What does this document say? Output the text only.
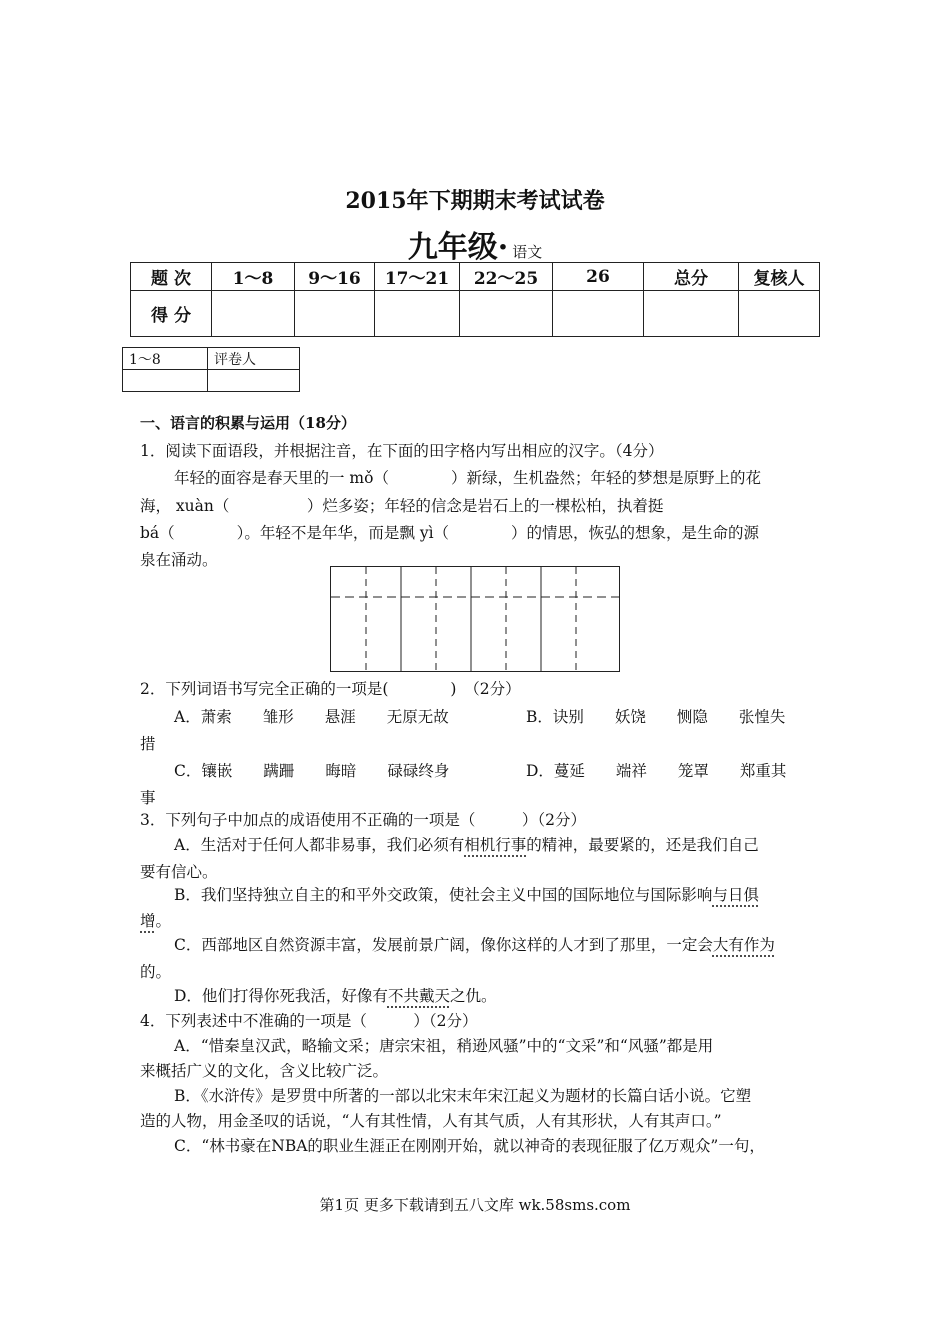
2015年下期期末考试试卷
九年级· 语文
题 次	1～8	9～16	17～21	22～25	26	总分	复核人
得 分							
1～8	评卷人

一、语言的积累与运用（18分）
1．阅读下面语段，并根据注音，在下面的田字格内写出相应的汉字。（4分）
年轻的面容是春天里的一 mǒ（　　　　）新绿，生机盎然；年轻的梦想是原野上的花
海， xuàn（　　　　　）烂多姿；年轻的信念是岩石上的一棵松柏，执着挺
bá（　　　　）。年轻不是年华，而是飘 yì（　　　　）的情思，恢弘的想象，是生命的源
泉在涌动。
2．下列词语书写完全正确的一项是(　　　　)　（2分）
A．萧索　　雏形　　悬涯　　无原无故	B．诀别　　妖饶　　恻隐　　张惶失
措
C．镶嵌　　蹒跚　　晦暗　　碌碌终身	D．蔓延　　端祥　　笼罩　　郑重其
事
3．下列句子中加点的成语使用不正确的一项是（　　　）（2分）
A．生活对于任何人都非易事，我们必须有相机行事的精神，最要紧的，还是我们自己
要有信心。
B．我们坚持独立自主的和平外交政策，使社会主义中国的国际地位与国际影响与日俱
增。
C．西部地区自然资源丰富，发展前景广阔，像你这样的人才到了那里，一定会大有作为
的。
D．他们打得你死我活，好像有不共戴天之仇。
4．下列表述中不准确的一项是（　　　）（2分）
A．“惜秦皇汉武，略输文采；唐宗宋祖，稍逊风骚”中的“文采”和“风骚”都是用
来概括广义的文化，含义比较广泛。
B．《水浒传》是罗贯中所著的一部以北宋末年宋江起义为题材的长篇白话小说。它塑
造的人物，用金圣叹的话说，“人有其性情，人有其气质，人有其形状，人有其声口。”
C．“林书豪在NBA的职业生涯正在刚刚开始，就以神奇的表现征服了亿万观众”一句，
第1页 更多下载请到五八文库 wk.58sms.com
